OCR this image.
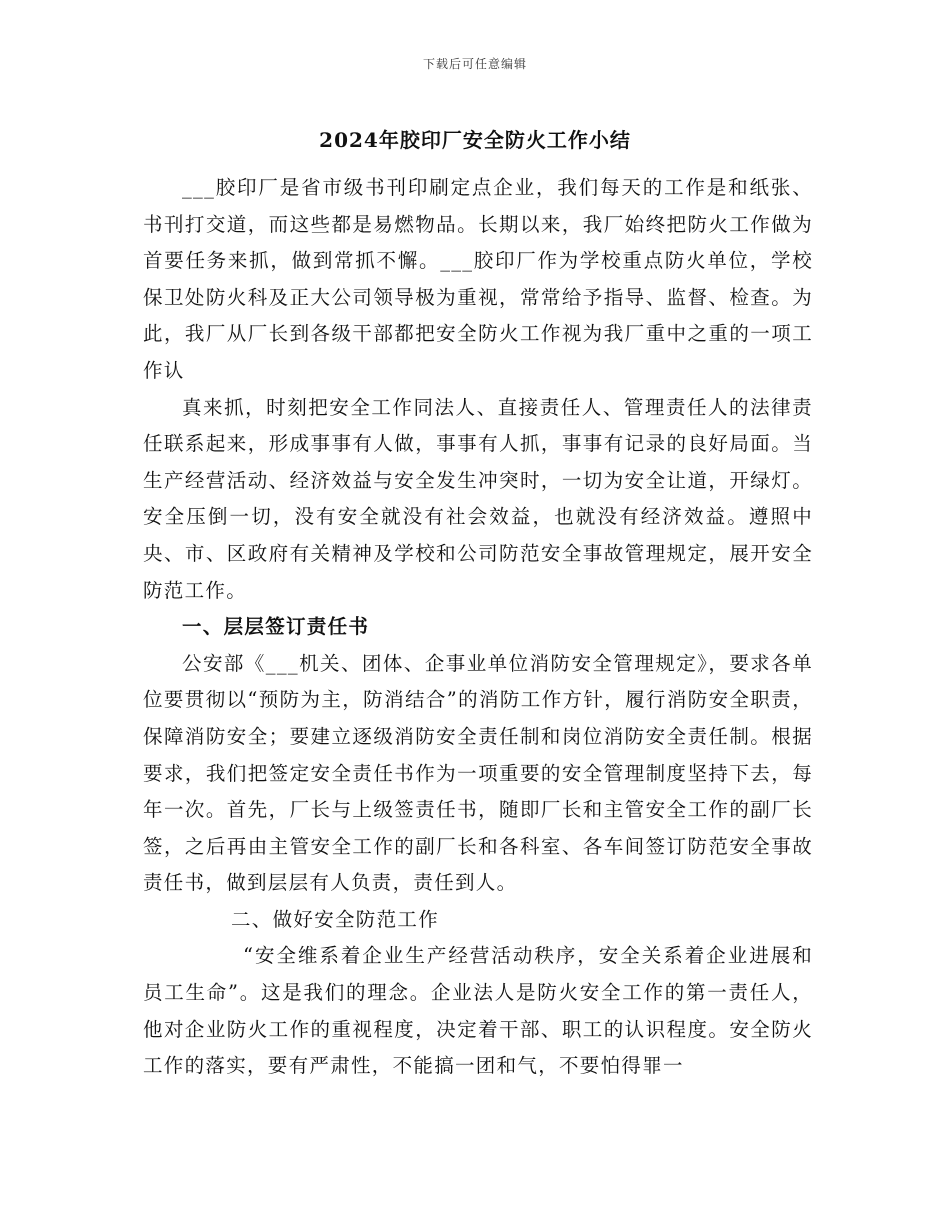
下载后可任意编辑
2024年胶印厂安全防火工作小结

___胶印厂是省市级书刊印刷定点企业，我们每天的工作是和纸张、书刊打交道，而这些都是易燃物品。长期以来，我厂始终把防火工作做为首要任务来抓，做到常抓不懈。___胶印厂作为学校重点防火单位，学校保卫处防火科及正大公司领导极为重视，常常给予指导、监督、检查。为此，我厂从厂长到各级干部都把安全防火工作视为我厂重中之重的一项工作认

真来抓，时刻把安全工作同法人、直接责任人、管理责任人的法律责任联系起来，形成事事有人做，事事有人抓，事事有记录的良好局面。当生产经营活动、经济效益与安全发生冲突时，一切为安全让道，开绿灯。安全压倒一切，没有安全就没有社会效益，也就没有经济效益。遵照中央、市、区政府有关精神及学校和公司防范安全事故管理规定，展开安全防范工作。

一、层层签订责任书

公安部《___机关、团体、企事业单位消防安全管理规定》，要求各单位要贯彻以“预防为主，防消结合”的消防工作方针，履行消防安全职责，保障消防安全；要建立逐级消防安全责任制和岗位消防安全责任制。根据要求，我们把签定安全责任书作为一项重要的安全管理制度坚持下去，每年一次。首先，厂长与上级签责任书，随即厂长和主管安全工作的副厂长签，之后再由主管安全工作的副厂长和各科室、各车间签订防范安全事故责任书，做到层层有人负责，责任到人。

二、做好安全防范工作

“安全维系着企业生产经营活动秩序，安全关系着企业进展和员工生命”。这是我们的理念。企业法人是防火安全工作的第一责任人，他对企业防火工作的重视程度，决定着干部、职工的认识程度。安全防火工作的落实，要有严肃性，不能搞一团和气，不要怕得罪一
